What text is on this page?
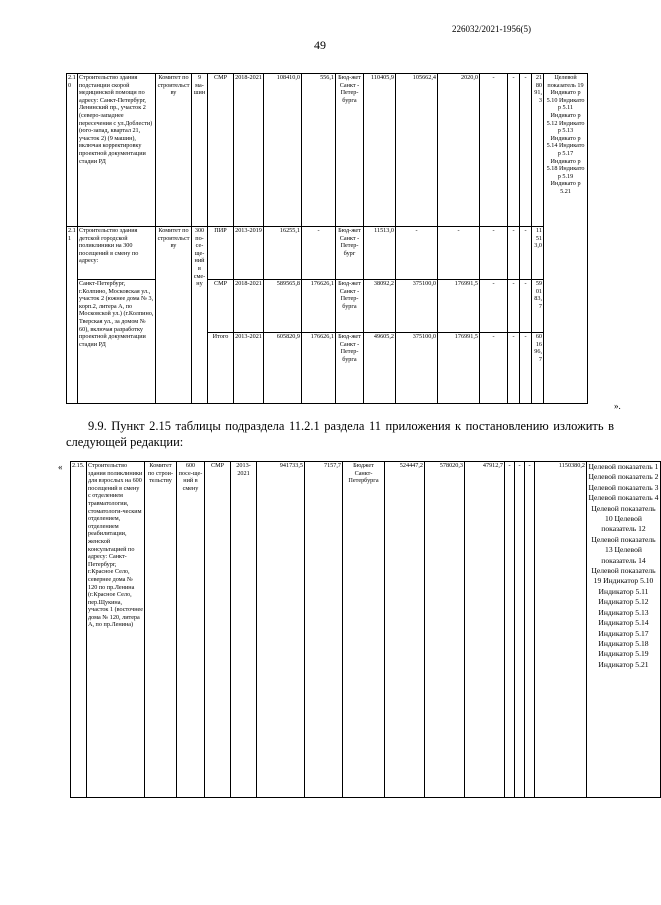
226032/2021-1956(5)
49
2.10	Строительство здания подстанции скорой медицинской помощи по адресу: Санкт-Петербург, Ленинский пр., участок 2 (северо-западнее пересечения с ул.Доблести) (юго-запад, квартал 21, участок 2) (9 машин), включая корректировку проектной документации стадии РД	Комитет по строительству	9 ма-шин	СМР	2018-2021	108410,0	556,1	Бюд-жет Санкт - Петер-бурга	110405,9	105662,4	2020,0	-	-	-	218091,3	Целевой показатель 19 Индикато р 5.10 Индикато р 5.11 Индикато р 5.12 Индикато р 5.13 Индикато р 5.14 Индикато р 5.17 Индикато р 5.18 Индикато р 5.19 Индикато р 5.21
2.11	Строительство здания детской городской поликлиники на 300 посещений в смену по адресу:	Комитет по строительству	300 по-се-ще-ний в сме-ну	ПИР	2013-2019	16255,1	-	Бюд-жет Санкт - Петер-бург	11513,0	-	-	-	-	-	11513,0	
	Санкт-Петербург, г.Колпино, Московская ул., участок 2 (южнее дома № 3, корп.2, литера А, по Московской ул.) (г.Колпино, Тверская ул., за домом № 60), включая разработку проектной документации стадии РД			СМР	2018-2021	589565,8	176626,1	Бюд-жет Санкт - Петер-бурга	38092,2	375100,0	176991,5	-	-	-	590183,7	
				Итого	2013-2021	605820,9	176626,1	Бюд-жет Санкт - Петер-бурга	49605,2	375100,0	176991,5	-	-	-	601696,7	
».
9.9. Пункт 2.15 таблицы подраздела 11.2.1 раздела 11 приложения к постановлению изложить в следующей редакции:
« 2.15.	Строительство здания поликлиники для взрослых на 600 посещений в смену с отделением травматологии, стоматологи-ческим отделением, отделением реабилитации, женской консультацией по адресу: Санкт-Петербург, г.Красное Село, севернее дома № 120 по пр.Ленина (г.Красное Село, пер.Щукина, участок 1 (восточнее дома № 120, литера А, по пр.Ленина)	Комитет по строи-тельству	600 посе-ще-ний в смену	СМР	2013-2021	941733,5	7157,7	Бюджет Санкт-Петербурга	524447,2	578020,3	47912,7	-	-	-	1150380,2	Целевой показатель 1 Целевой показатель 2 Целевой показатель 3 Целевой показатель 4 Целевой показатель 10 Целевой показатель 12 Целевой показатель 13 Целевой показатель 14 Целевой показатель 19 Индикатор 5.10 Индикатор 5.11 Индикатор 5.12 Индикатор 5.13 Индикатор 5.14 Индикатор 5.17 Индикатор 5.18 Индикатор 5.19 Индикатор 5.21
